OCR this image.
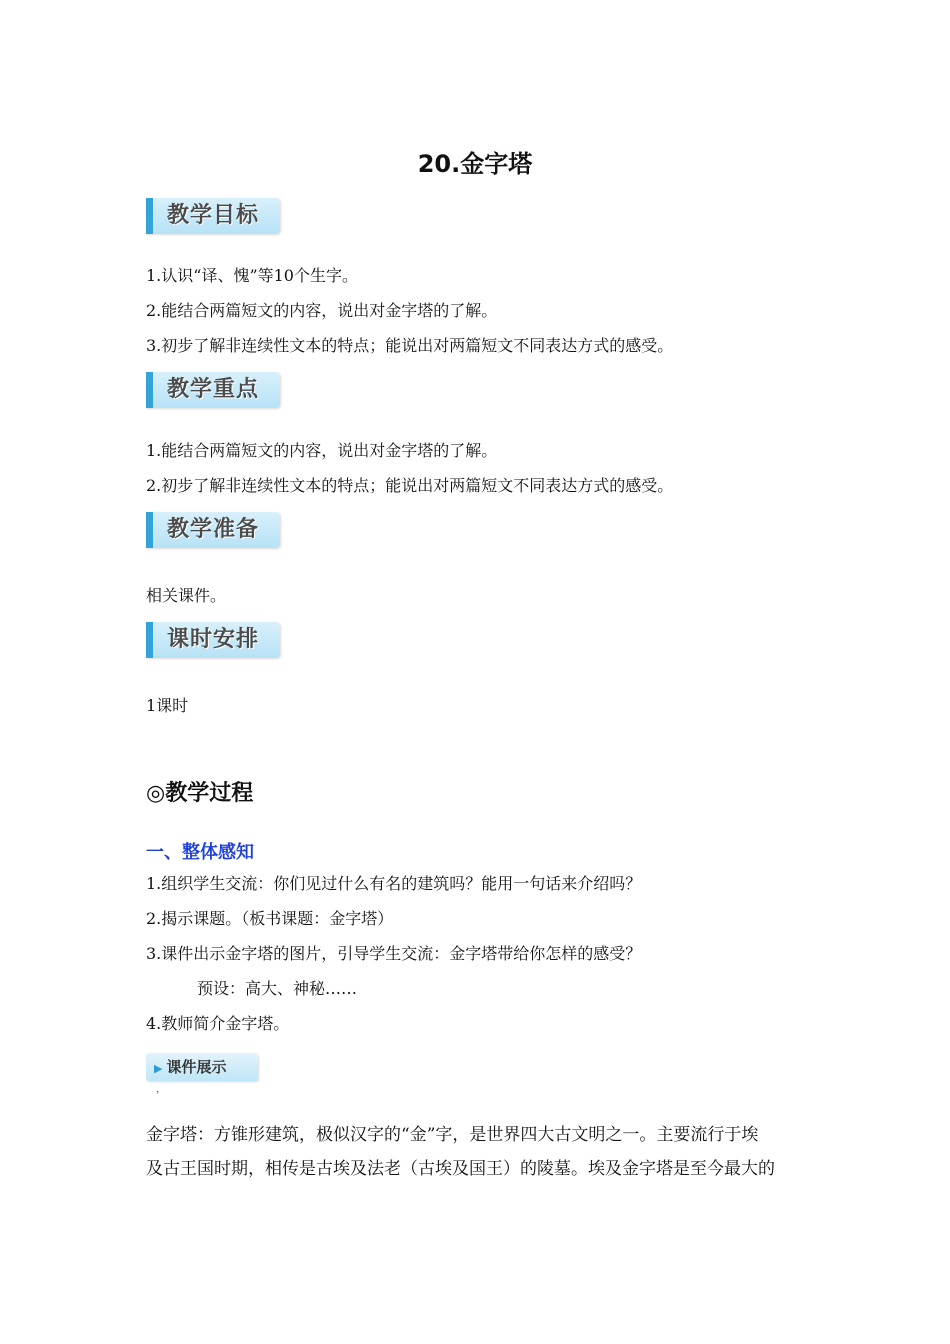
20.金字塔
教学目标
1.认识“译、愧”等10个生字。
2.能结合两篇短文的内容，说出对金字塔的了解。
3.初步了解非连续性文本的特点；能说出对两篇短文不同表达方式的感受。
教学重点
1.能结合两篇短文的内容，说出对金字塔的了解。
2.初步了解非连续性文本的特点；能说出对两篇短文不同表达方式的感受。
教学准备
相关课件。
课时安排
1课时
◎教学过程
一、整体感知
1.组织学生交流：你们见过什么有名的建筑吗？能用一句话来介绍吗？
2.揭示课题。（板书课题：金字塔）
3.课件出示金字塔的图片，引导学生交流：金字塔带给你怎样的感受？
预设：高大、神秘……
4.教师简介金字塔。
▶ 课件展示
，
金字塔：方锥形建筑，极似汉字的“金”字，是世界四大古文明之一。主要流行于埃
及古王国时期，相传是古埃及法老（古埃及国王）的陵墓。埃及金字塔是至今最大的
